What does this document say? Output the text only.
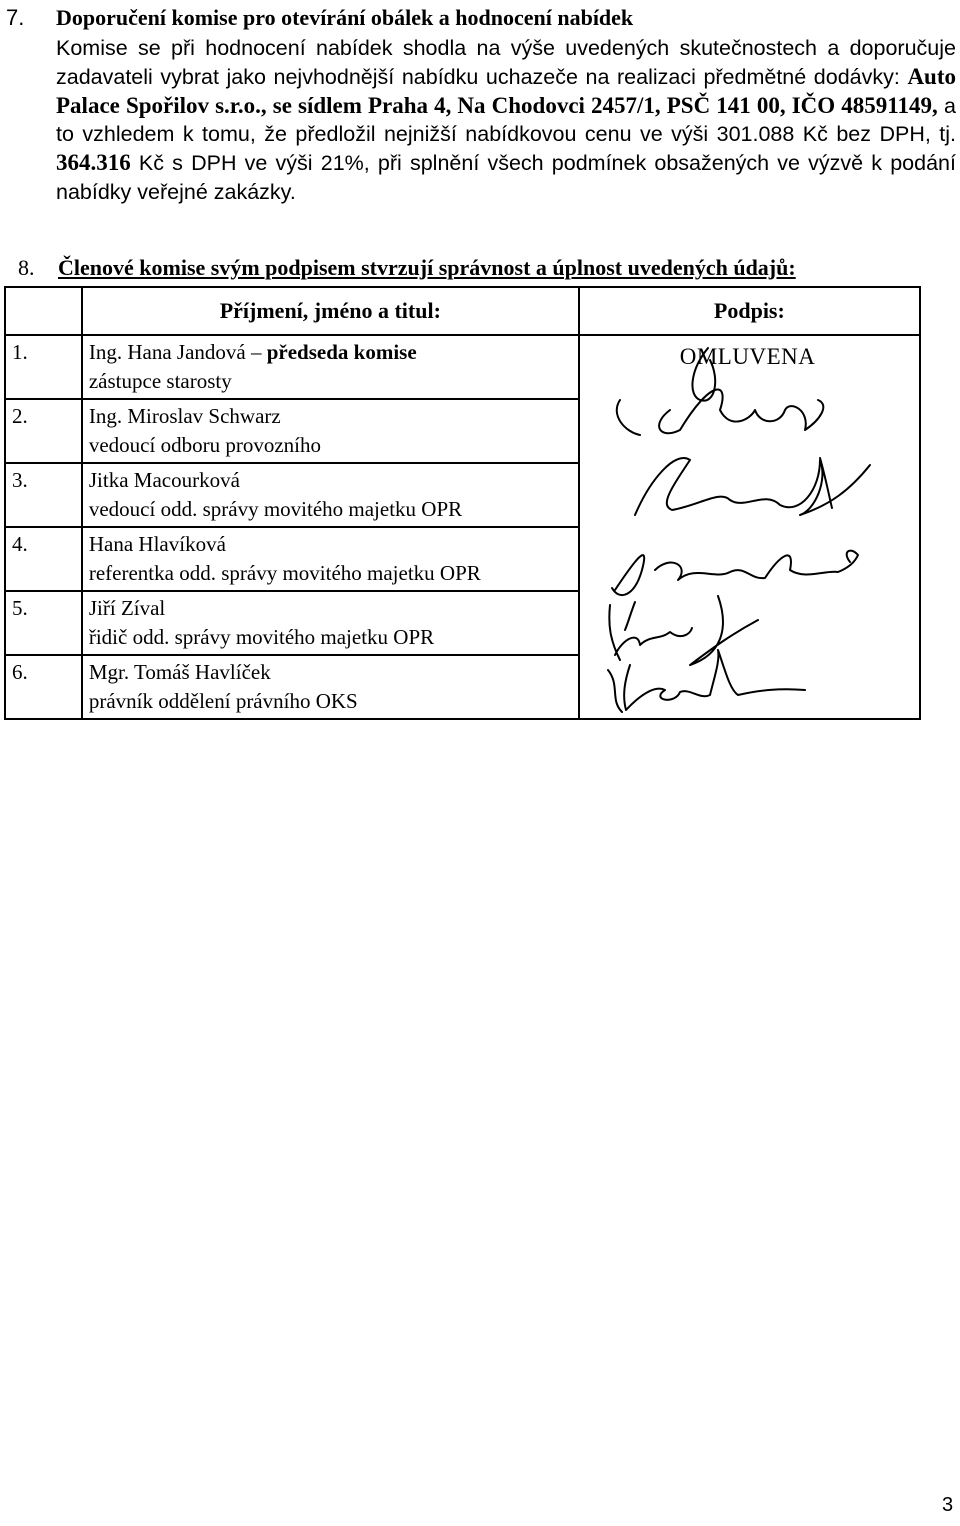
7.	Doporučení komise pro otevírání obálek a hodnocení nabídek
Komise se při hodnocení nabídek shodla na výše uvedených skutečnostech a doporučuje zadavateli vybrat jako nejvhodnější nabídku uchazeče na realizaci předmětné dodávky: Auto Palace Spořilov s.r.o., se sídlem Praha 4, Na Chodovci 2457/1, PSČ 141 00, IČO 48591149, a to vzhledem k tomu, že předložil nejnižší nabídkovou cenu ve výši 301.088 Kč bez DPH, tj. 364.316 Kč s DPH ve výši 21%, při splnění všech podmínek obsažených ve výzvě k podání nabídky veřejné zakázky.
8. Členové komise svým podpisem stvrzují správnost a úplnost uvedených údajů:
	Příjmení, jméno a titul:	Podpis:
1.	Ing. Hana Jandová – předseda komise
zástupce starosty	OMLUVENA

2.	Ing. Miroslav Schwarz
vedoucí odboru provozního	
3.	Jitka Macourková
vedoucí odd. správy movitého majetku OPR	
4.	Hana Hlavíková
referentka odd. správy movitého majetku OPR	
5.	Jiří Zíval
řidič odd. správy movitého majetku OPR	
6.	Mgr. Tomáš Havlíček
právník oddělení právního OKS	
3
